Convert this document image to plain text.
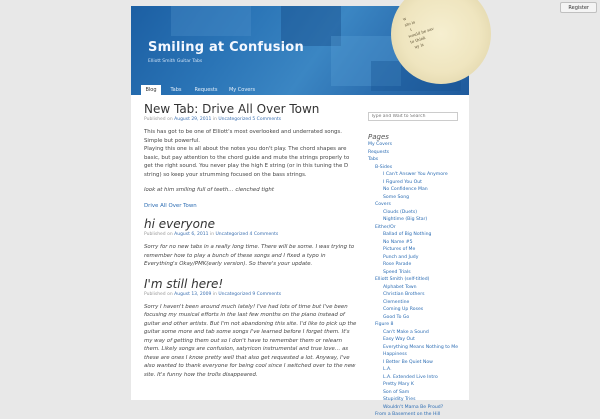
Register
w
sto is
i
would be sav
to think
uy is
Smiling at Confusion
Elliott Smith Guitar Tabs
Blog	Tabs	Requests	My Covers
New Tab: Drive All Over Town
Published on August 29, 2011 in Uncategorized 5 Comments

This has got to be one of Elliott's most overlooked and underrated songs. Simple but powerful.

Playing this one is all about the notes you don't play. The chord shapes are basic, but pay attention to the chord guide and mute the strings properly to get the right sound. You never play the high E string (or in this tuning the D string) so keep your strumming focused on the bass strings.

look at him smiling full of teeth… clenched tight

Drive All Over Town

hi everyone
Published on August 6, 2011 in Uncategorized 4 Comments

Sorry for no new tabs in a really long time. There will be some. I was trying to remember how to play a bunch of these songs and I fixed a typo in Everything's Okay/PMK(early version). So there's your update.

I'm still here!
Published on August 13, 2009 in Uncategorized 9 Comments

Sorry I haven't been around much lately! I've had lots of time but I've been focusing my musical efforts in the last few months on the piano instead of guitar and other artists. But I'm not abandoning this site. I'd like to pick up the guitar some more and tab some songs I've learned before I forget them. It's my way of getting them out so I don't have to remember them or relearn them. Likely songs are confusion, satyricon instrumental and true love… as these are ones I know pretty well that also get requested a lot. Anyway, I've also wanted to thank everyone for being cool since I switched over to the new site. It's funny how the trolls disappeared.

Type and Wait to Search
Pages
My Covers
Requests
Tabs
B-Sides
I Can't Answer You Anymore
I Figured You Out
No Confidence Man
Some Song
Covers
Clouds (Duets)
Nightime (Big Star)
Either/Or
Ballad of Big Nothing
No Name #5
Pictures of Me
Punch and Judy
Rose Parade
Speed Trials
Elliott Smith (self-titled)
Alphabet Town
Christian Brothers
Clementine
Coming Up Roses
Good To Go
Figure 8
Can't Make a Sound
Easy Way Out
Everything Means Nothing to Me
Happiness
I Better Be Quiet Now
L.A.
L.A. Extended Live Intro
Pretty Mary K
Son of Sam
Stupidity Tries
Wouldn't Mama Be Proud?
From a Basement on the Hill
